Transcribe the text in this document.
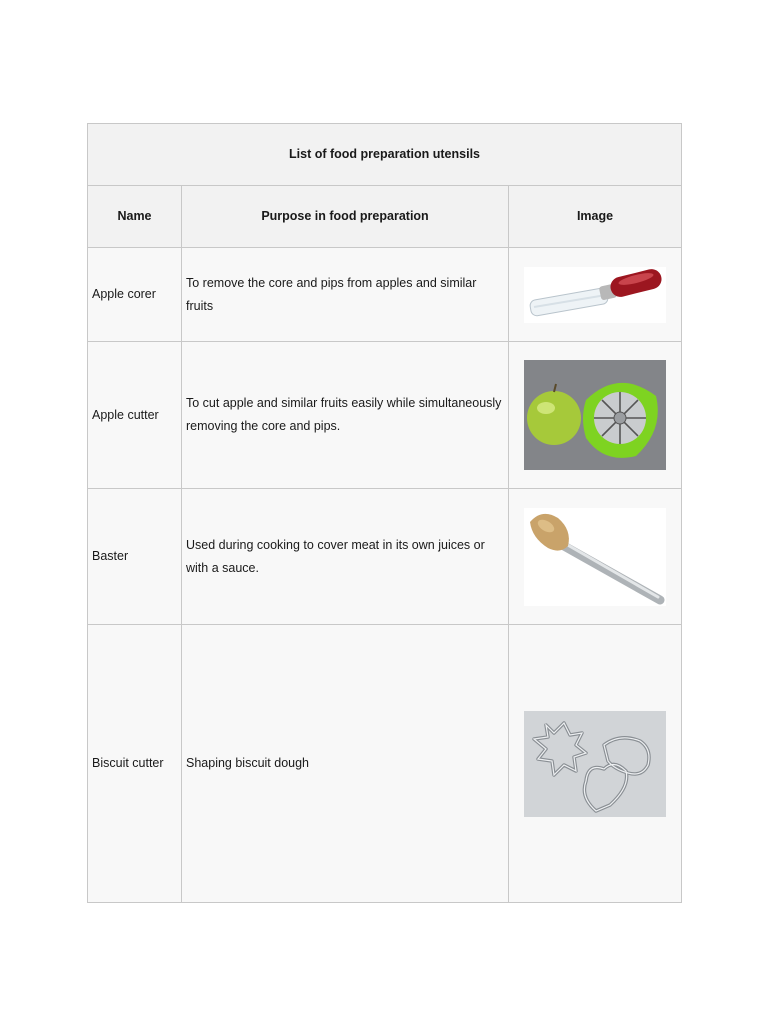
List of food preparation utensils		
Name	Purpose in food preparation	Image
Apple corer	To remove the core and pips from apples and similar fruits	

Apple cutter	To cut apple and similar fruits easily while simultaneously removing the core and pips.	

Baster	Used during cooking to cover meat in its own juices or with a sauce.	

Biscuit cutter	Shaping biscuit dough	
